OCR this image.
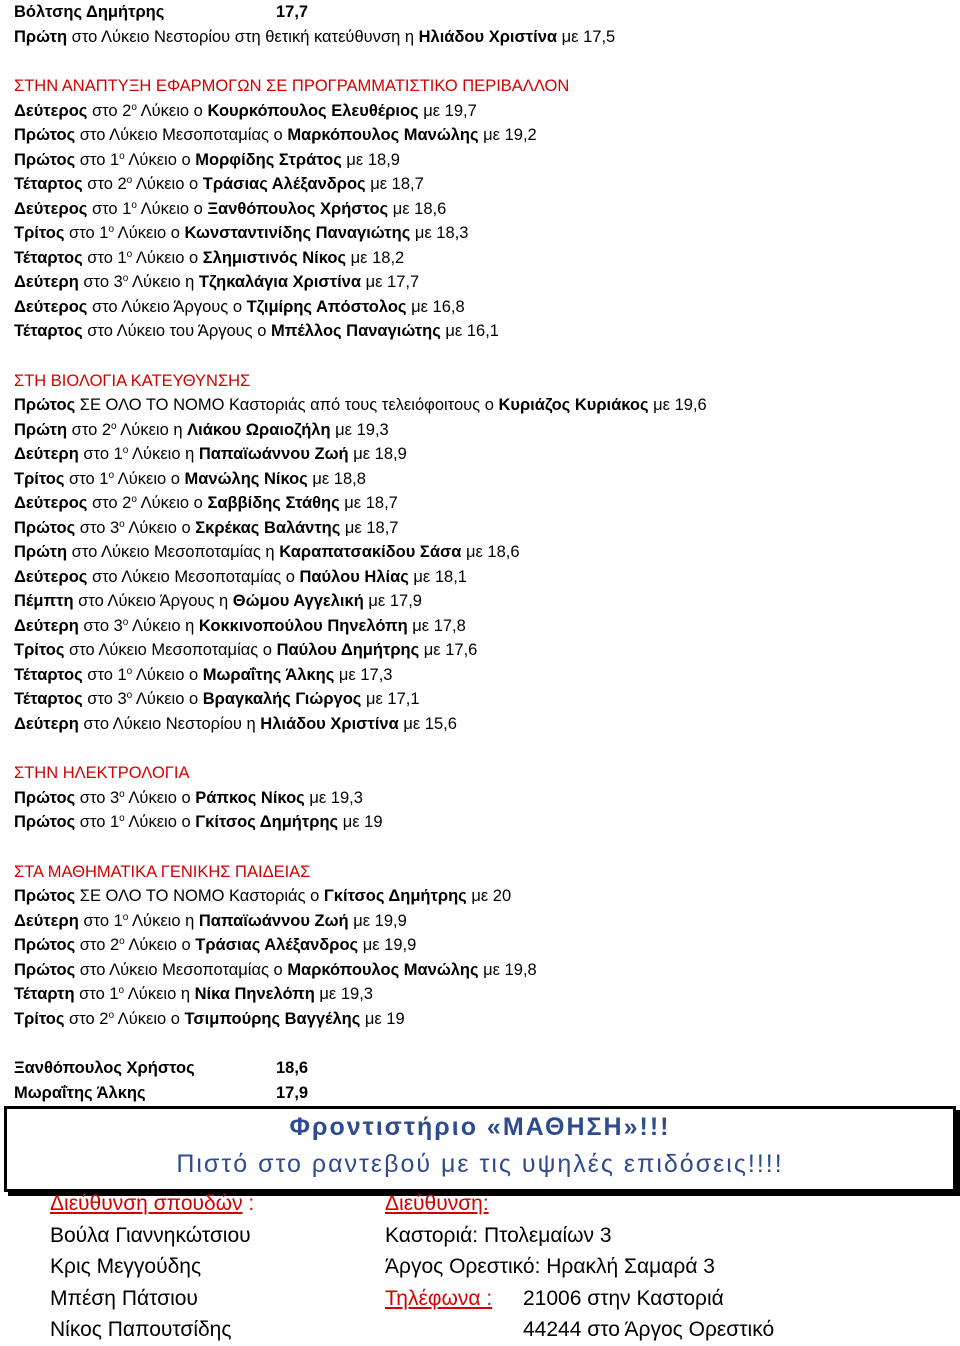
Βόλτσης Δημήτρης	17,7
Πρώτη στο Λύκειο Νεστορίου στη θετική κατεύθυνση η Ηλιάδου Χριστίνα με 17,5
ΣΤΗΝ ΑΝΑΠΤΥΞΗ ΕΦΑΡΜΟΓΩΝ ΣΕ ΠΡΟΓΡΑΜΜΑΤΙΣΤΙΚΟ ΠΕΡΙΒΑΛΛΟΝ
Δεύτερος στο $2^o$ Λύκειο ο Κουρκόπουλος Ελευθέριος με 19,7
Πρώτος στο Λύκειο Μεσοποταμίας ο Μαρκόπουλος Μανώλης με 19,2
Πρώτος στο $1^o$ Λύκειο ο Μορφίδης Στράτος με 18,9
Τέταρτος στο $2^o$ Λύκειο ο Τράσιας Αλέξανδρος με 18,7
Δεύτερος στο $1^o$ Λύκειο ο Ξανθόπουλος Χρήστος με 18,6
Τρίτος στο $1^o$ Λύκειο ο Κωνσταντινίδης Παναγιώτης με 18,3
Τέταρτος στο $1^o$ Λύκειο ο Σλημιστινός Νίκος με 18,2
Δεύτερη στο $3^o$ Λύκειο η Τζηκαλάγια Χριστίνα με 17,7
Δεύτερος στο Λύκειο Άργους ο Τζιμίρης Απόστολος με 16,8
Τέταρτος στο Λύκειο του Άργους ο Μπέλλος Παναγιώτης με 16,1
ΣΤΗ ΒΙΟΛΟΓΙΑ ΚΑΤΕΥΘΥΝΣΗΣ
Πρώτος ΣΕ ΟΛΟ ΤΟ ΝΟΜΟ Καστοριάς από τους τελειόφοιτους ο Κυριάζος Κυριάκος με 19,6
Πρώτη στο $2^o$ Λύκειο η Λιάκου Ωραιοζήλη με 19,3
Δεύτερη στο $1^o$ Λύκειο η Παπαϊωάννου Ζωή με 18,9
Τρίτος στο $1^o$ Λύκειο ο Μανώλης Νίκος με 18,8
Δεύτερος στο $2^o$ Λύκειο ο Σαββίδης Στάθης με 18,7
Πρώτος στο $3^o$ Λύκειο ο Σκρέκας Βαλάντης με 18,7
Πρώτη στο Λύκειο Μεσοποταμίας η Καραπατσακίδου Σάσα με 18,6
Δεύτερος στο Λύκειο Μεσοποταμίας ο Παύλου Ηλίας με 18,1
Πέμπτη στο Λύκειο Άργους η Θώμου Αγγελική με 17,9
Δεύτερη στο $3^o$ Λύκειο η Κοκκινοπούλου Πηνελόπη με 17,8
Τρίτος στο Λύκειο Μεσοποταμίας ο Παύλου Δημήτρης με 17,6
Τέταρτος στο $1^o$ Λύκειο ο Μωραΐτης Άλκης με 17,3
Τέταρτος στο $3^o$ Λύκειο ο Βραγκαλής Γιώργος με 17,1
Δεύτερη στο Λύκειο Νεστορίου η Ηλιάδου Χριστίνα με 15,6
ΣΤΗΝ ΗΛΕΚΤΡΟΛΟΓΙΑ
Πρώτος στο $3^o$ Λύκειο ο Ράπκος Νίκος με 19,3
Πρώτος στο $1^o$ Λύκειο ο Γκίτσος Δημήτρης με 19
ΣΤΑ ΜΑΘΗΜΑΤΙΚΑ ΓΕΝΙΚΗΣ ΠΑΙΔΕΙΑΣ
Πρώτος ΣΕ ΟΛΟ ΤΟ ΝΟΜΟ Καστοριάς ο Γκίτσος Δημήτρης με 20
Δεύτερη στο $1^o$ Λύκειο η Παπαϊωάννου Ζωή με 19,9
Πρώτος στο $2^o$ Λύκειο ο Τράσιας Αλέξανδρος με 19,9
Πρώτος στο Λύκειο Μεσοποταμίας ο Μαρκόπουλος Μανώλης με 19,8
Τέταρτη στο $1^o$ Λύκειο η Νίκα Πηνελόπη με 19,3
Τρίτος στο $2^o$ Λύκειο ο Τσιμπούρης Βαγγέλης με 19
Ξανθόπουλος Χρήστος	18,6
Μωραΐτης Άλκης	17,9
Φροντιστήριο «ΜΑΘΗΣΗ»!!!
Πιστό στο ραντεβού με τις υψηλές επιδόσεις!!!!
Διεύθυνση σπουδών :
Βούλα Γιαννηκώτσιου
Κρις Μεγγούδης
Μπέση Πάτσιου
Νίκος Παπουτσίδης
Διεύθυνση:
Καστοριά: Πτολεμαίων 3
Άργος Ορεστικό: Ηρακλή Σαμαρά 3
Τηλέφωνα : 21006 στην Καστοριά
44244 στο Άργος Ορεστικό
